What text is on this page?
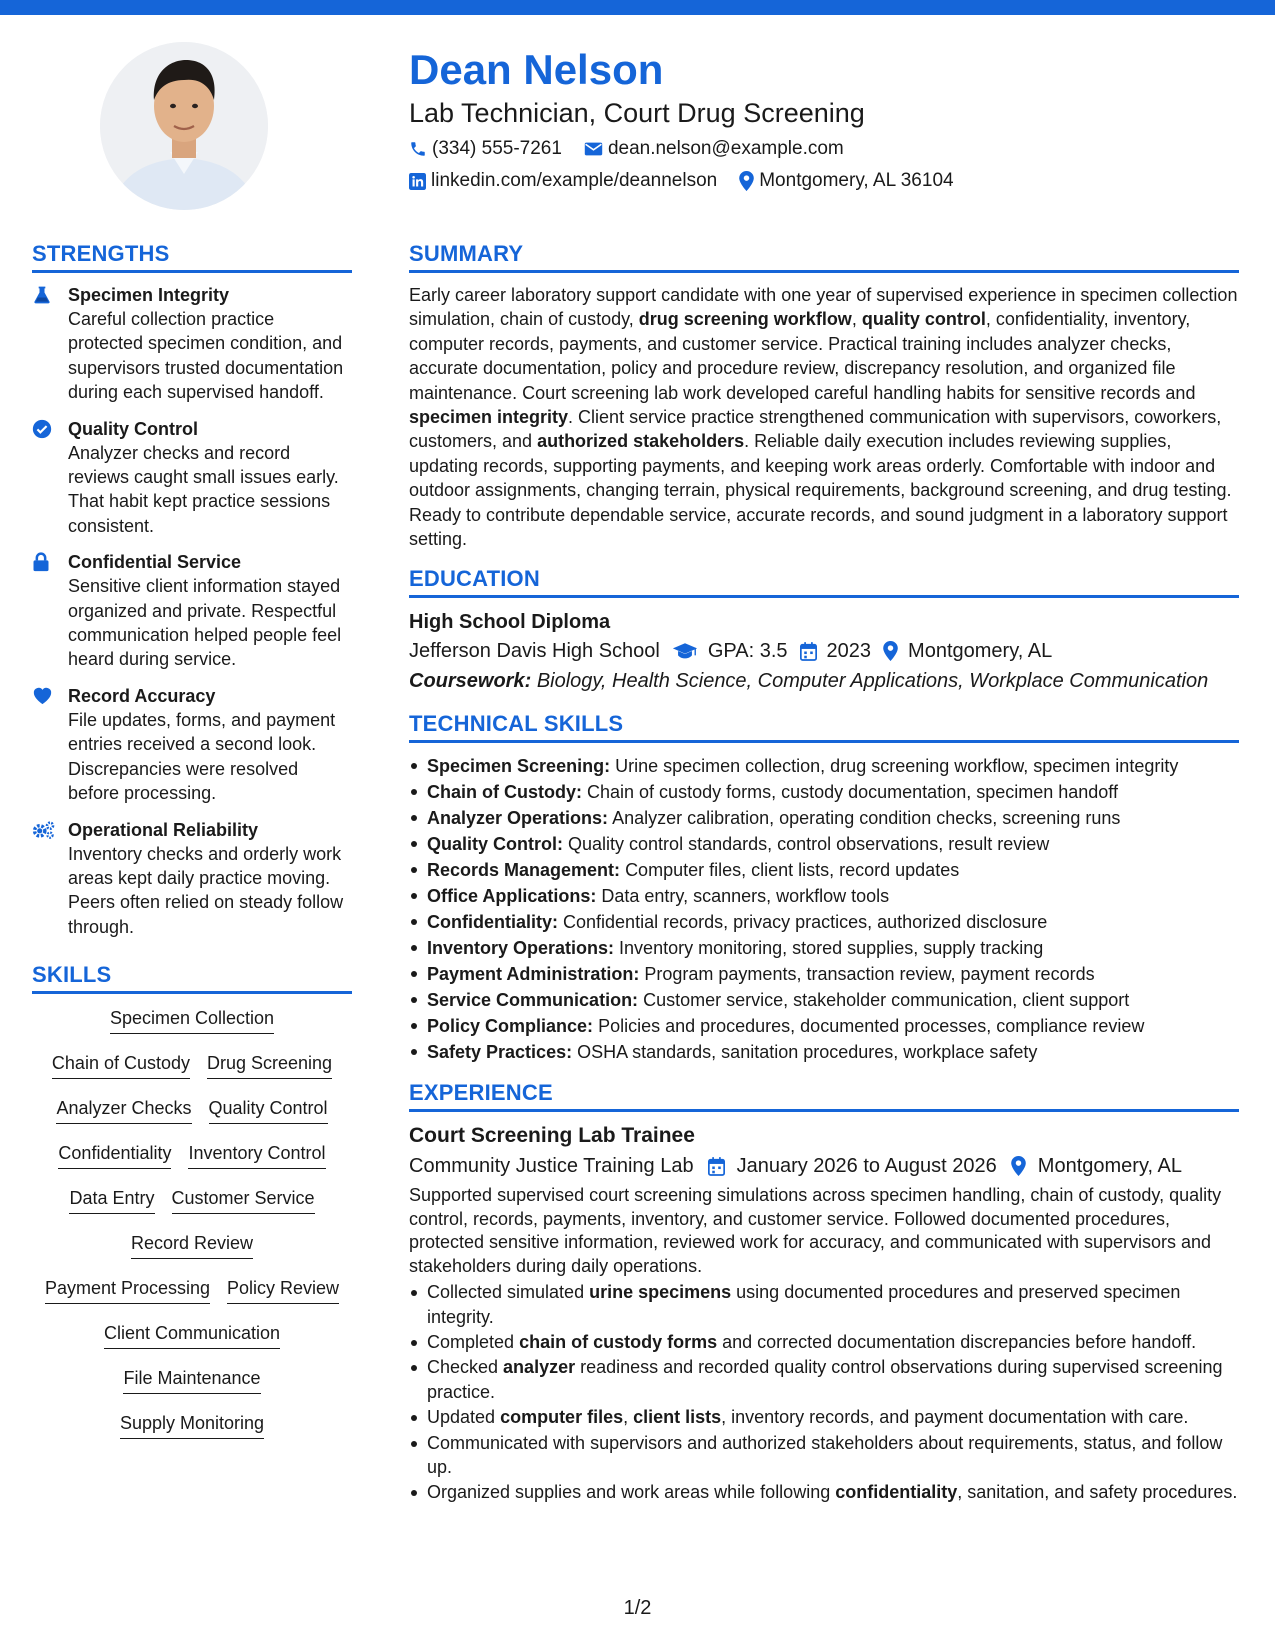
Dean Nelson
Lab Technician, Court Drug Screening
(334) 555-7261 dean.nelson@example.com
linkedin.com/example/deannelson Montgomery, AL 36104
STRENGTHS
Specimen Integrity
Careful collection practice protected specimen condition, and supervisors trusted documentation during each supervised handoff.
Quality Control
Analyzer checks and record reviews caught small issues early. That habit kept practice sessions consistent.
Confidential Service
Sensitive client information stayed organized and private. Respectful communication helped people feel heard during service.
Record Accuracy
File updates, forms, and payment entries received a second look. Discrepancies were resolved before processing.
Operational Reliability
Inventory checks and orderly work areas kept daily practice moving. Peers often relied on steady follow through.
SKILLS
Specimen Collection
Chain of Custody Drug Screening
Analyzer Checks Quality Control
Confidentiality Inventory Control
Data Entry Customer Service
Record Review
Payment Processing Policy Review
Client Communication
File Maintenance
Supply Monitoring
SUMMARY
Early career laboratory support candidate with one year of supervised experience in specimen collection simulation, chain of custody, drug screening workflow, quality control, confidentiality, inventory, computer records, payments, and customer service. Practical training includes analyzer checks, accurate documentation, policy and procedure review, discrepancy resolution, and organized file maintenance. Court screening lab work developed careful handling habits for sensitive records and specimen integrity. Client service practice strengthened communication with supervisors, coworkers, customers, and authorized stakeholders. Reliable daily execution includes reviewing supplies, updating records, supporting payments, and keeping work areas orderly. Comfortable with indoor and outdoor assignments, changing terrain, physical requirements, background screening, and drug testing. Ready to contribute dependable service, accurate records, and sound judgment in a laboratory support setting.
EDUCATION
High School Diploma
Jefferson Davis High School GPA: 3.5 2023 Montgomery, AL
Coursework: Biology, Health Science, Computer Applications, Workplace Communication
TECHNICAL SKILLS
Specimen Screening: Urine specimen collection, drug screening workflow, specimen integrity
Chain of Custody: Chain of custody forms, custody documentation, specimen handoff
Analyzer Operations: Analyzer calibration, operating condition checks, screening runs
Quality Control: Quality control standards, control observations, result review
Records Management: Computer files, client lists, record updates
Office Applications: Data entry, scanners, workflow tools
Confidentiality: Confidential records, privacy practices, authorized disclosure
Inventory Operations: Inventory monitoring, stored supplies, supply tracking
Payment Administration: Program payments, transaction review, payment records
Service Communication: Customer service, stakeholder communication, client support
Policy Compliance: Policies and procedures, documented processes, compliance review
Safety Practices: OSHA standards, sanitation procedures, workplace safety
EXPERIENCE
Court Screening Lab Trainee
Community Justice Training Lab January 2026 to August 2026 Montgomery, AL
Supported supervised court screening simulations across specimen handling, chain of custody, quality control, records, payments, inventory, and customer service. Followed documented procedures, protected sensitive information, reviewed work for accuracy, and communicated with supervisors and stakeholders during daily operations.
Collected simulated urine specimens using documented procedures and preserved specimen integrity.
Completed chain of custody forms and corrected documentation discrepancies before handoff.
Checked analyzer readiness and recorded quality control observations during supervised screening practice.
Updated computer files, client lists, inventory records, and payment documentation with care.
Communicated with supervisors and authorized stakeholders about requirements, status, and follow up.
Organized supplies and work areas while following confidentiality, sanitation, and safety procedures.
1/2
